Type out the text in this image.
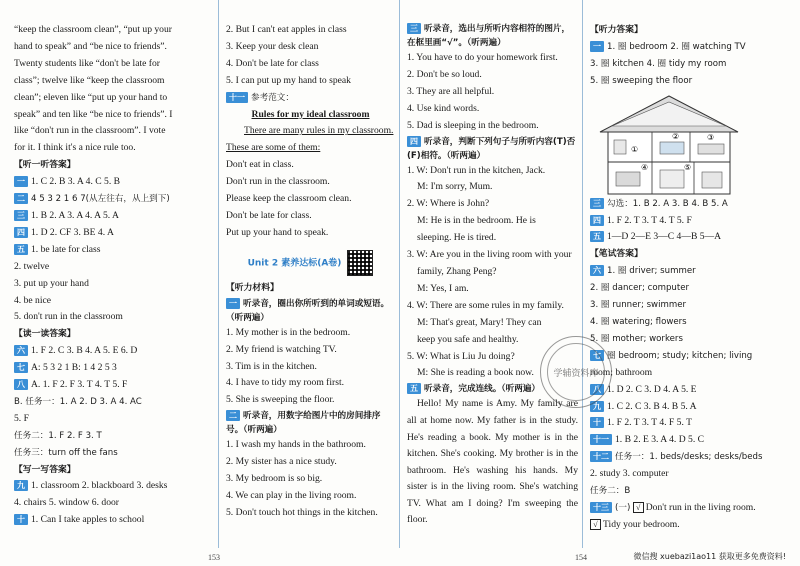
“keep the classroom clean”, “put up your
hand to speak” and “be nice to friends”.
Twenty students like “don't be late for
class”; twelve like “keep the classroom
clean”; eleven like “put up your hand to
speak” and ten like “be nice to friends”. I
like “don't run in the classroom”. I vote
for it. I think it's a nice rule too.
【听一听答案】
一 1. C 2. B 3. A 4. C 5. B
二 4 5 3 2 1 6 7(从左往右，从上到下)
三 1. B 2. A 3. A 4. A 5. A
四 1. D 2. CF 3. BE 4. A
五 1. be late for class
2. twelve
3. put up your hand
4. be nice
5. don't run in the classroom
【读一读答案】
六 1. F 2. C 3. B 4. A 5. E 6. D
七 A: 5 3 2 1 B: 1 4 2 5 3
八 A. 1. F 2. F 3. T 4. T 5. F
B. 任务一：1. A 2. D 3. A 4. AC
5. F
任务二：1. F 2. F 3. T
任务三：turn off the fans
【写一写答案】
九 1. classroom 2. blackboard 3. desks
4. chairs 5. window 6. door
十 1. Can I take apples to school
2. But I can't eat apples in class
3. Keep your desk clean
4. Don't be late for class
5. I can put up my hand to speak
十一 参考范文：
Rules for my ideal classroom
There are many rules in my classroom.
These are some of them:
Don't eat in class.
Don't run in the classroom.
Please keep the classroom clean.
Don't be late for class.
Put up your hand to speak.
Unit 2 素养达标(A卷)
【听力材料】
一 听录音，圈出你所听到的单词或短语。（听两遍）
1. My mother is in the bedroom.
2. My friend is watching TV.
3. Tim is in the kitchen.
4. I have to tidy my room first.
5. She is sweeping the floor.
二 听录音，用数字给图片中的房间排序号。（听两遍）
1. I wash my hands in the bathroom.
2. My sister has a nice study.
3. My bedroom is so big.
4. We can play in the living room.
5. Don't touch hot things in the kitchen.
三 听录音，选出与所听内容相符的图片，在框里画“√”。（听两遍）
1. You have to do your homework first.
2. Don't be so loud.
3. They are all helpful.
4. Use kind words.
5. Dad is sleeping in the bedroom.
四 听录音，判断下列句子与所听内容(T)否(F)相符。（听两遍）
1. W: Don't run in the kitchen, Jack.
M: I'm sorry, Mum.
2. W: Where is John?
M: He is in the bedroom. He is
sleeping. He is tired.
3. W: Are you in the living room with your
family, Zhang Peng?
M: Yes, I am.
4. W: There are some rules in my family.
M: That's great, Mary! They can
keep you safe and healthy.
5. W: What is Liu Ju doing?
M: She is reading a book now.
五 听录音，完成连线。（听两遍）
Hello! My name is Amy. My family are all at home now. My father is in the study. He's reading a book. My mother is in the kitchen. She's cooking. My brother is in the bathroom. He's washing his hands. My sister is in the living room. She's watching TV. What am I doing? I'm sweeping the floor.
【听力答案】
一 1. 圈 bedroom 2. 圈 watching TV
3. 圈 kitchen 4. 圈 tidy my room
5. 圈 sweeping the floor
①
②	③
④	⑤
三 勾选：1. B 2. A 3. B 4. B 5. A
四 1. F 2. T 3. T 4. T 5. F
五 1—D 2—E 3—C 4—B 5—A
【笔试答案】
六 1. 圈 driver; summer
2. 圈 dancer; computer
3. 圈 runner; swimmer
4. 圈 watering; flowers
5. 圈 mother; workers
七 圈 bedroom; study; kitchen; living
room; bathroom
八 1. D 2. C 3. D 4. A 5. E
九 1. C 2. C 3. B 4. B 5. A
十 1. F 2. T 3. T 4. F 5. T
十一 1. B 2. E 3. A 4. D 5. C
十二 任务一：1. beds/desks; desks/beds
2. study 3. computer
任务二：B
十三 (一) √ Don't run in the living room.
√ Tidy your bedroom.
学辅资料库
153	154	微信搜 xuebazi1ao11 获取更多免费资料!
